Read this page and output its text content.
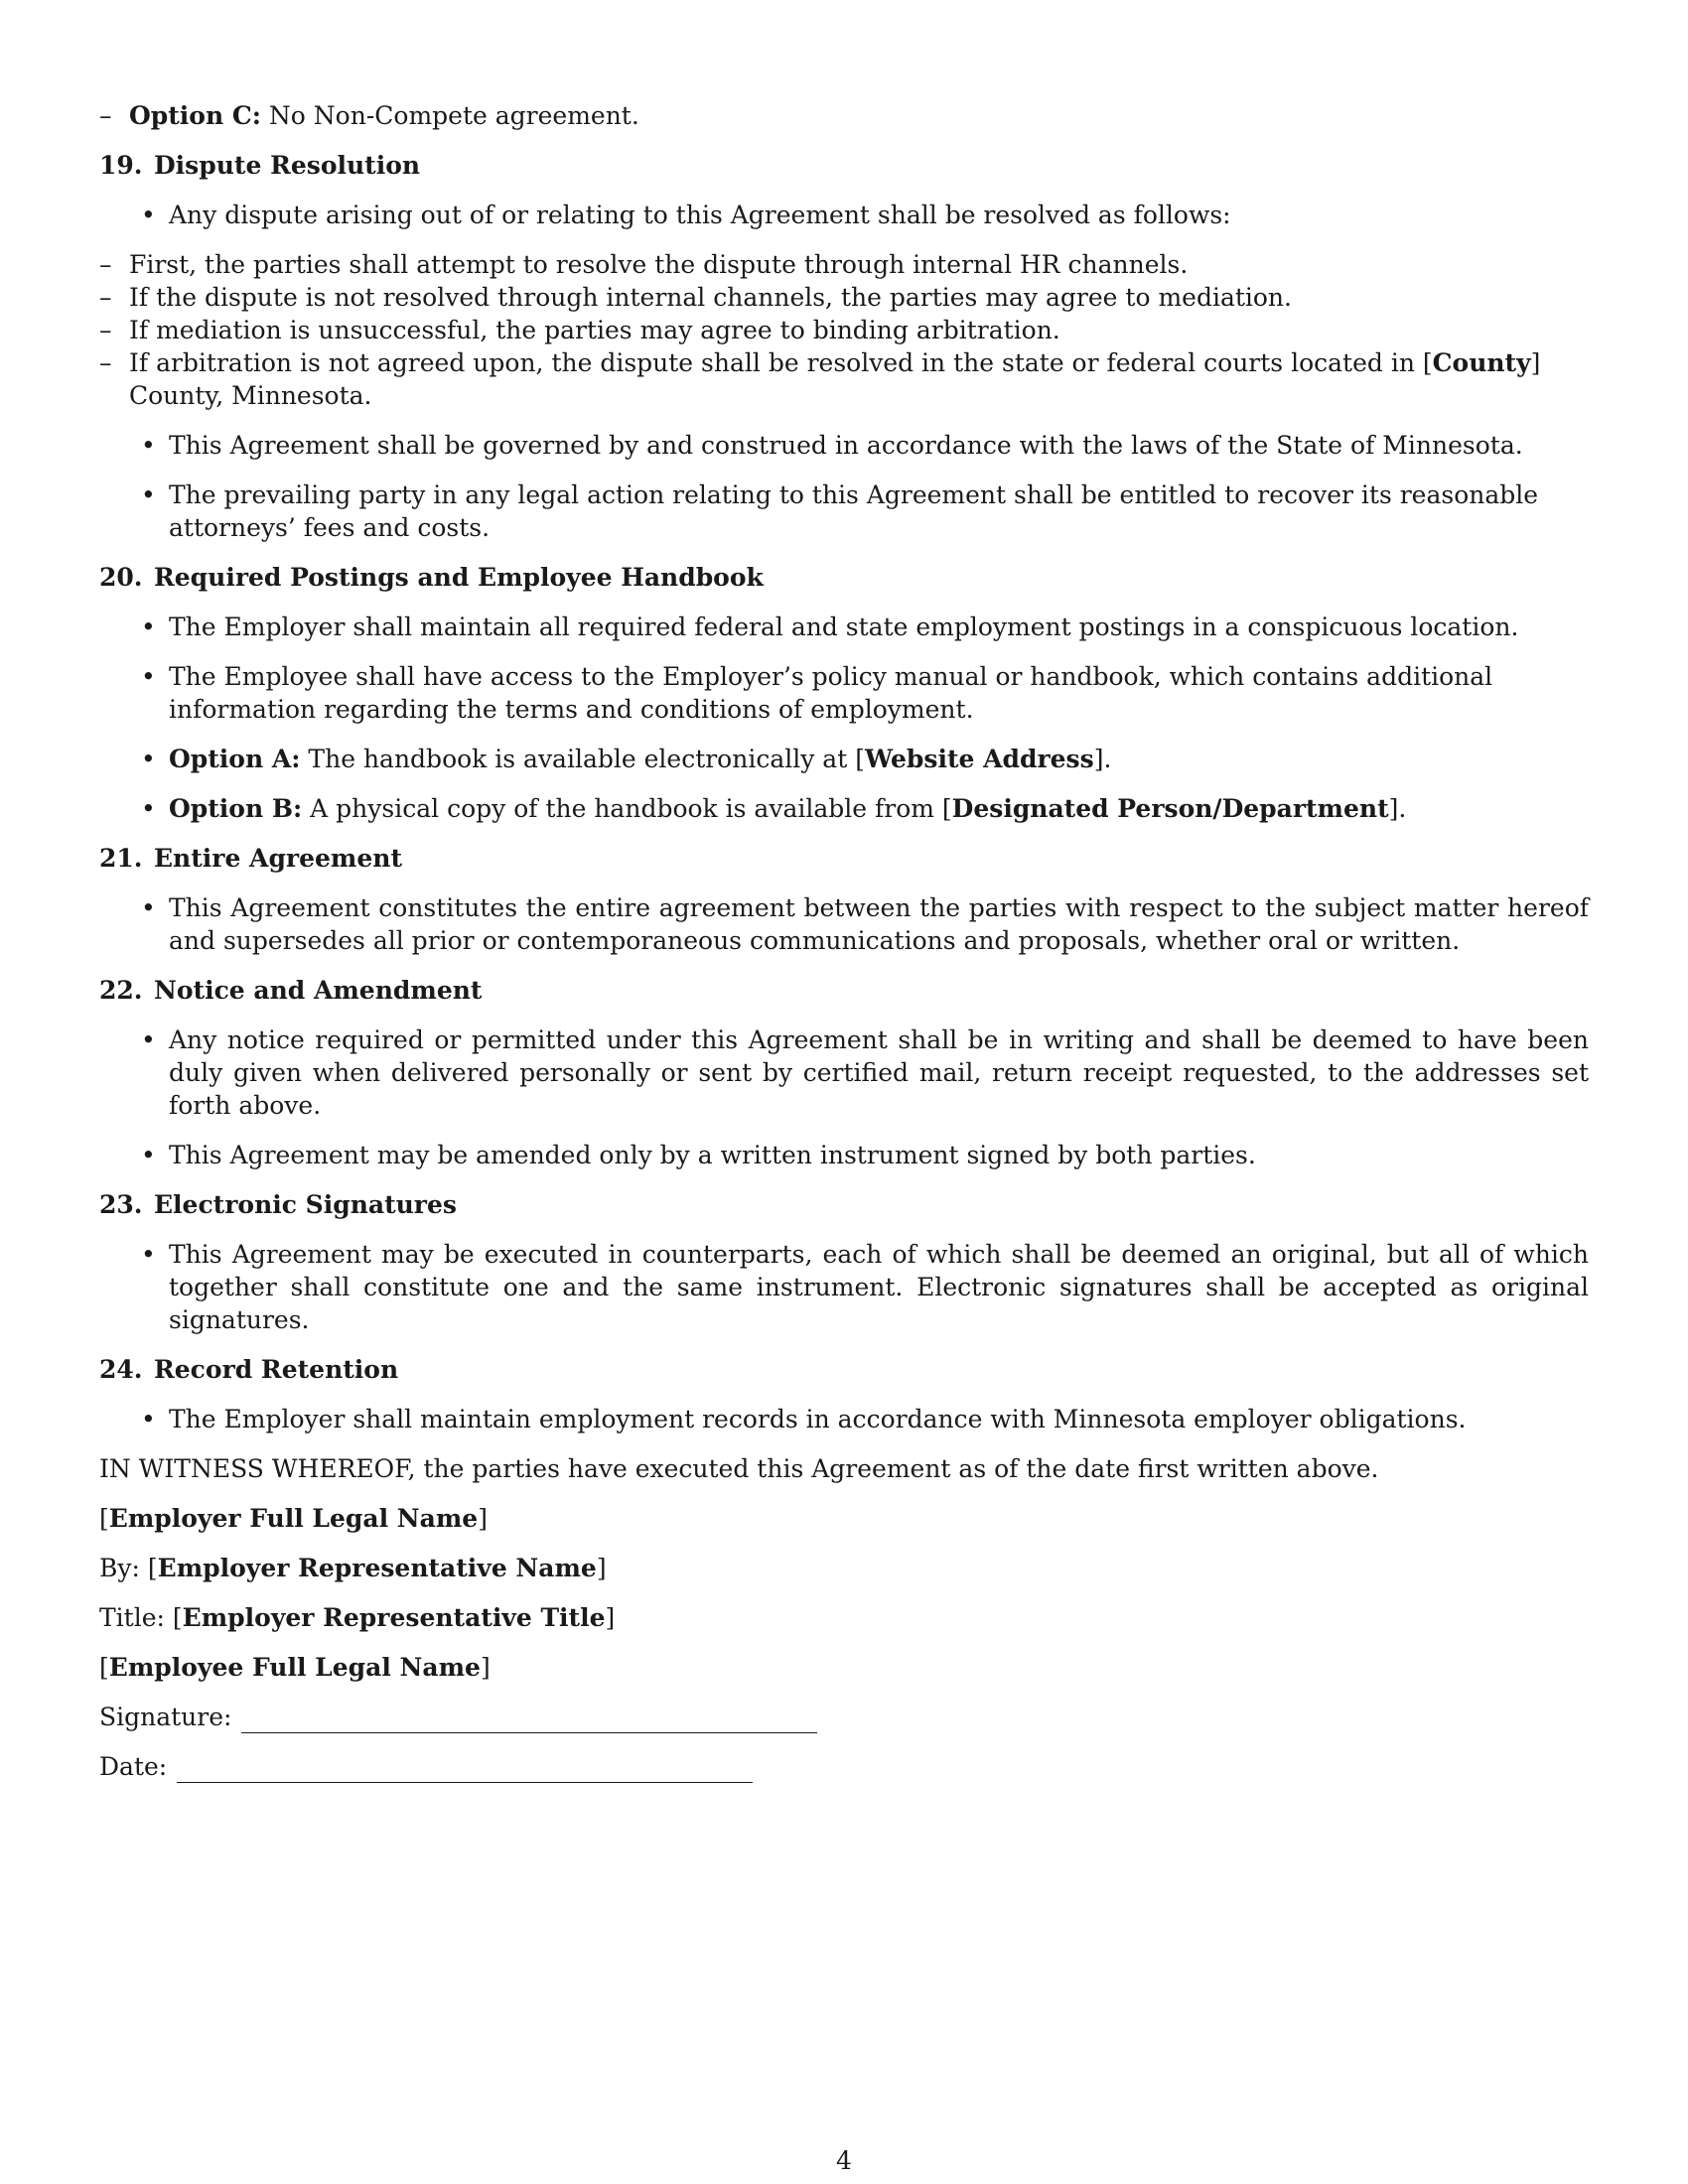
– Option C: No Non-Compete agreement.
19. Dispute Resolution
• Any dispute arising out of or relating to this Agreement shall be resolved as follows:
– First, the parties shall attempt to resolve the dispute through internal HR channels.
– If the dispute is not resolved through internal channels, the parties may agree to mediation.
– If mediation is unsuccessful, the parties may agree to binding arbitration.
– If arbitration is not agreed upon, the dispute shall be resolved in the state or federal courts located in [County] County, Minnesota.
• This Agreement shall be governed by and construed in accordance with the laws of the State of Minnesota.
• The prevailing party in any legal action relating to this Agreement shall be entitled to recover its reasonable attorneys’ fees and costs.
20. Required Postings and Employee Handbook
• The Employer shall maintain all required federal and state employment postings in a conspicuous location.
• The Employee shall have access to the Employer’s policy manual or handbook, which contains additional information regarding the terms and conditions of employment.
• Option A: The handbook is available electronically at [Website Address].
• Option B: A physical copy of the handbook is available from [Designated Person/Department].
21. Entire Agreement
• This Agreement constitutes the entire agreement between the parties with respect to the subject matter hereof and supersedes all prior or contemporaneous communications and proposals, whether oral or written.
22. Notice and Amendment
• Any notice required or permitted under this Agreement shall be in writing and shall be deemed to have been duly given when delivered personally or sent by certified mail, return receipt requested, to the addresses set forth above.
• This Agreement may be amended only by a written instrument signed by both parties.
23. Electronic Signatures
• This Agreement may be executed in counterparts, each of which shall be deemed an original, but all of which together shall constitute one and the same instrument. Electronic signatures shall be accepted as original signatures.
24. Record Retention
• The Employer shall maintain employment records in accordance with Minnesota employer obligations.

IN WITNESS WHEREOF, the parties have executed this Agreement as of the date first written above.

[Employer Full Legal Name]

By: [Employer Representative Name]

Title: [Employer Representative Title]

[Employee Full Legal Name]

Signature:

Date:

4
